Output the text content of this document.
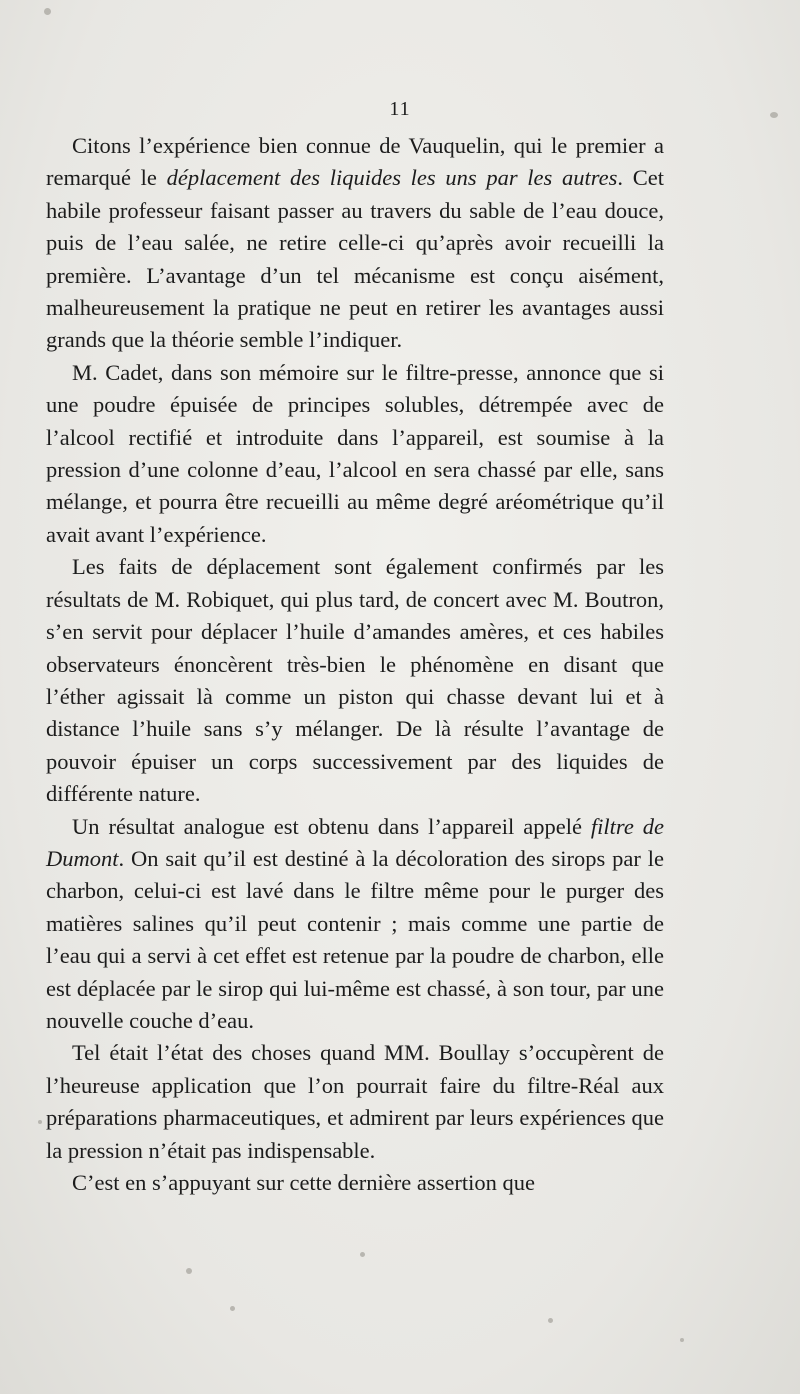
11

Citons l’expérience bien connue de Vauquelin, qui le premier a remarqué le déplacement des liquides les uns par les autres. Cet habile professeur faisant passer au travers du sable de l’eau douce, puis de l’eau salée, ne retire celle-ci qu’après avoir recueilli la première. L’avantage d’un tel mécanisme est conçu aisément, malheureusement la pratique ne peut en retirer les avantages aussi grands que la théorie semble l’indiquer.

M. Cadet, dans son mémoire sur le filtre-presse, annonce que si une poudre épuisée de principes solubles, détrempée avec de l’alcool rectifié et introduite dans l’appareil, est soumise à la pression d’une colonne d’eau, l’alcool en sera chassé par elle, sans mélange, et pourra être recueilli au même degré aréométrique qu’il avait avant l’expérience.

Les faits de déplacement sont également confirmés par les résultats de M. Robiquet, qui plus tard, de concert avec M. Boutron, s’en servit pour déplacer l’huile d’amandes amères, et ces habiles observateurs énoncèrent très-bien le phénomène en disant que l’éther agissait là comme un piston qui chasse devant lui et à distance l’huile sans s’y mélanger. De là résulte l’avantage de pouvoir épuiser un corps successivement par des liquides de différente nature.

Un résultat analogue est obtenu dans l’appareil appelé filtre de Dumont. On sait qu’il est destiné à la décoloration des sirops par le charbon, celui-ci est lavé dans le filtre même pour le purger des matières salines qu’il peut contenir ; mais comme une partie de l’eau qui a servi à cet effet est retenue par la poudre de charbon, elle est déplacée par le sirop qui lui-même est chassé, à son tour, par une nouvelle couche d’eau.

Tel était l’état des choses quand MM. Boullay s’occupèrent de l’heureuse application que l’on pourrait faire du filtre-Réal aux préparations pharmaceutiques, et admirent par leurs expériences que la pression n’était pas indispensable.

C’est en s’appuyant sur cette dernière assertion que
